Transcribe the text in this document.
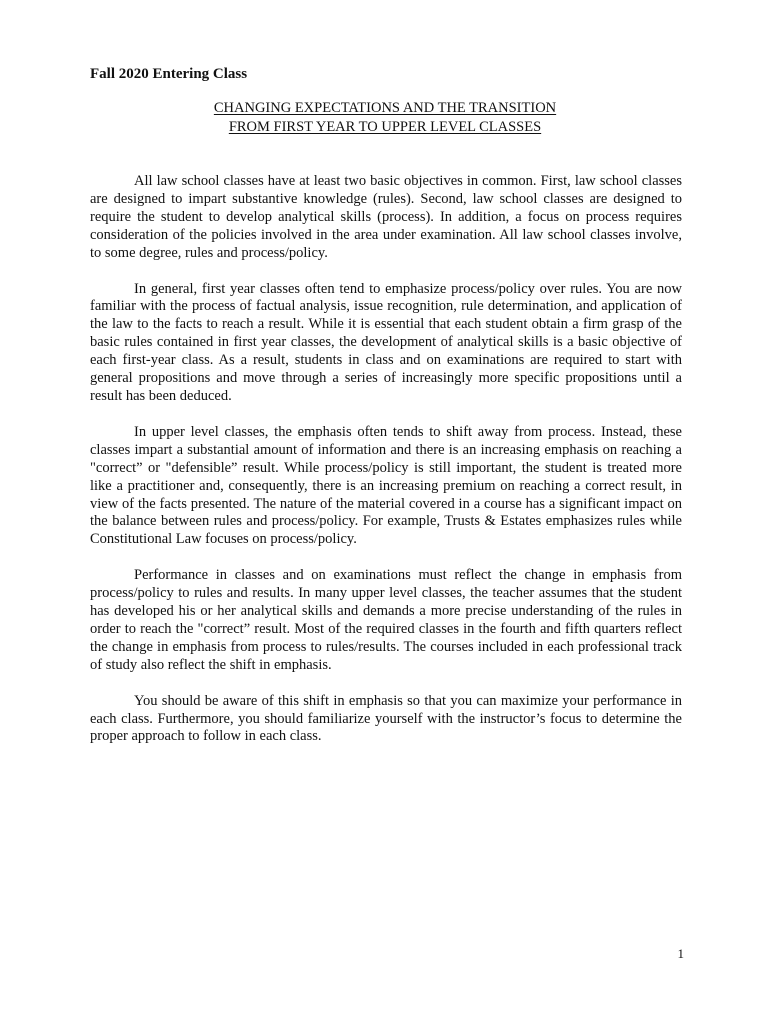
Fall 2020 Entering Class
CHANGING EXPECTATIONS AND THE TRANSITION
FROM FIRST YEAR TO UPPER LEVEL CLASSES

All law school classes have at least two basic objectives in common. First, law school classes are designed to impart substantive knowledge (rules). Second, law school classes are designed to require the student to develop analytical skills (process). In addition, a focus on process requires consideration of the policies involved in the area under examination. All law school classes involve, to some degree, rules and process/policy.

In general, first year classes often tend to emphasize process/policy over rules. You are now familiar with the process of factual analysis, issue recognition, rule determination, and application of the law to the facts to reach a result. While it is essential that each student obtain a firm grasp of the basic rules contained in first year classes, the development of analytical skills is a basic objective of each first-year class. As a result, students in class and on examinations are required to start with general propositions and move through a series of increasingly more specific propositions until a result has been deduced.

In upper level classes, the emphasis often tends to shift away from process. Instead, these classes impart a substantial amount of information and there is an increasing emphasis on reaching a "correct” or "defensible” result. While process/policy is still important, the student is treated more like a practitioner and, consequently, there is an increasing premium on reaching a correct result, in view of the facts presented. The nature of the material covered in a course has a significant impact on the balance between rules and process/policy. For example, Trusts & Estates emphasizes rules while Constitutional Law focuses on process/policy.

Performance in classes and on examinations must reflect the change in emphasis from process/policy to rules and results. In many upper level classes, the teacher assumes that the student has developed his or her analytical skills and demands a more precise understanding of the rules in order to reach the "correct” result. Most of the required classes in the fourth and fifth quarters reflect the change in emphasis from process to rules/results. The courses included in each professional track of study also reflect the shift in emphasis.

You should be aware of this shift in emphasis so that you can maximize your performance in each class. Furthermore, you should familiarize yourself with the instructor’s focus to determine the proper approach to follow in each class.

1
